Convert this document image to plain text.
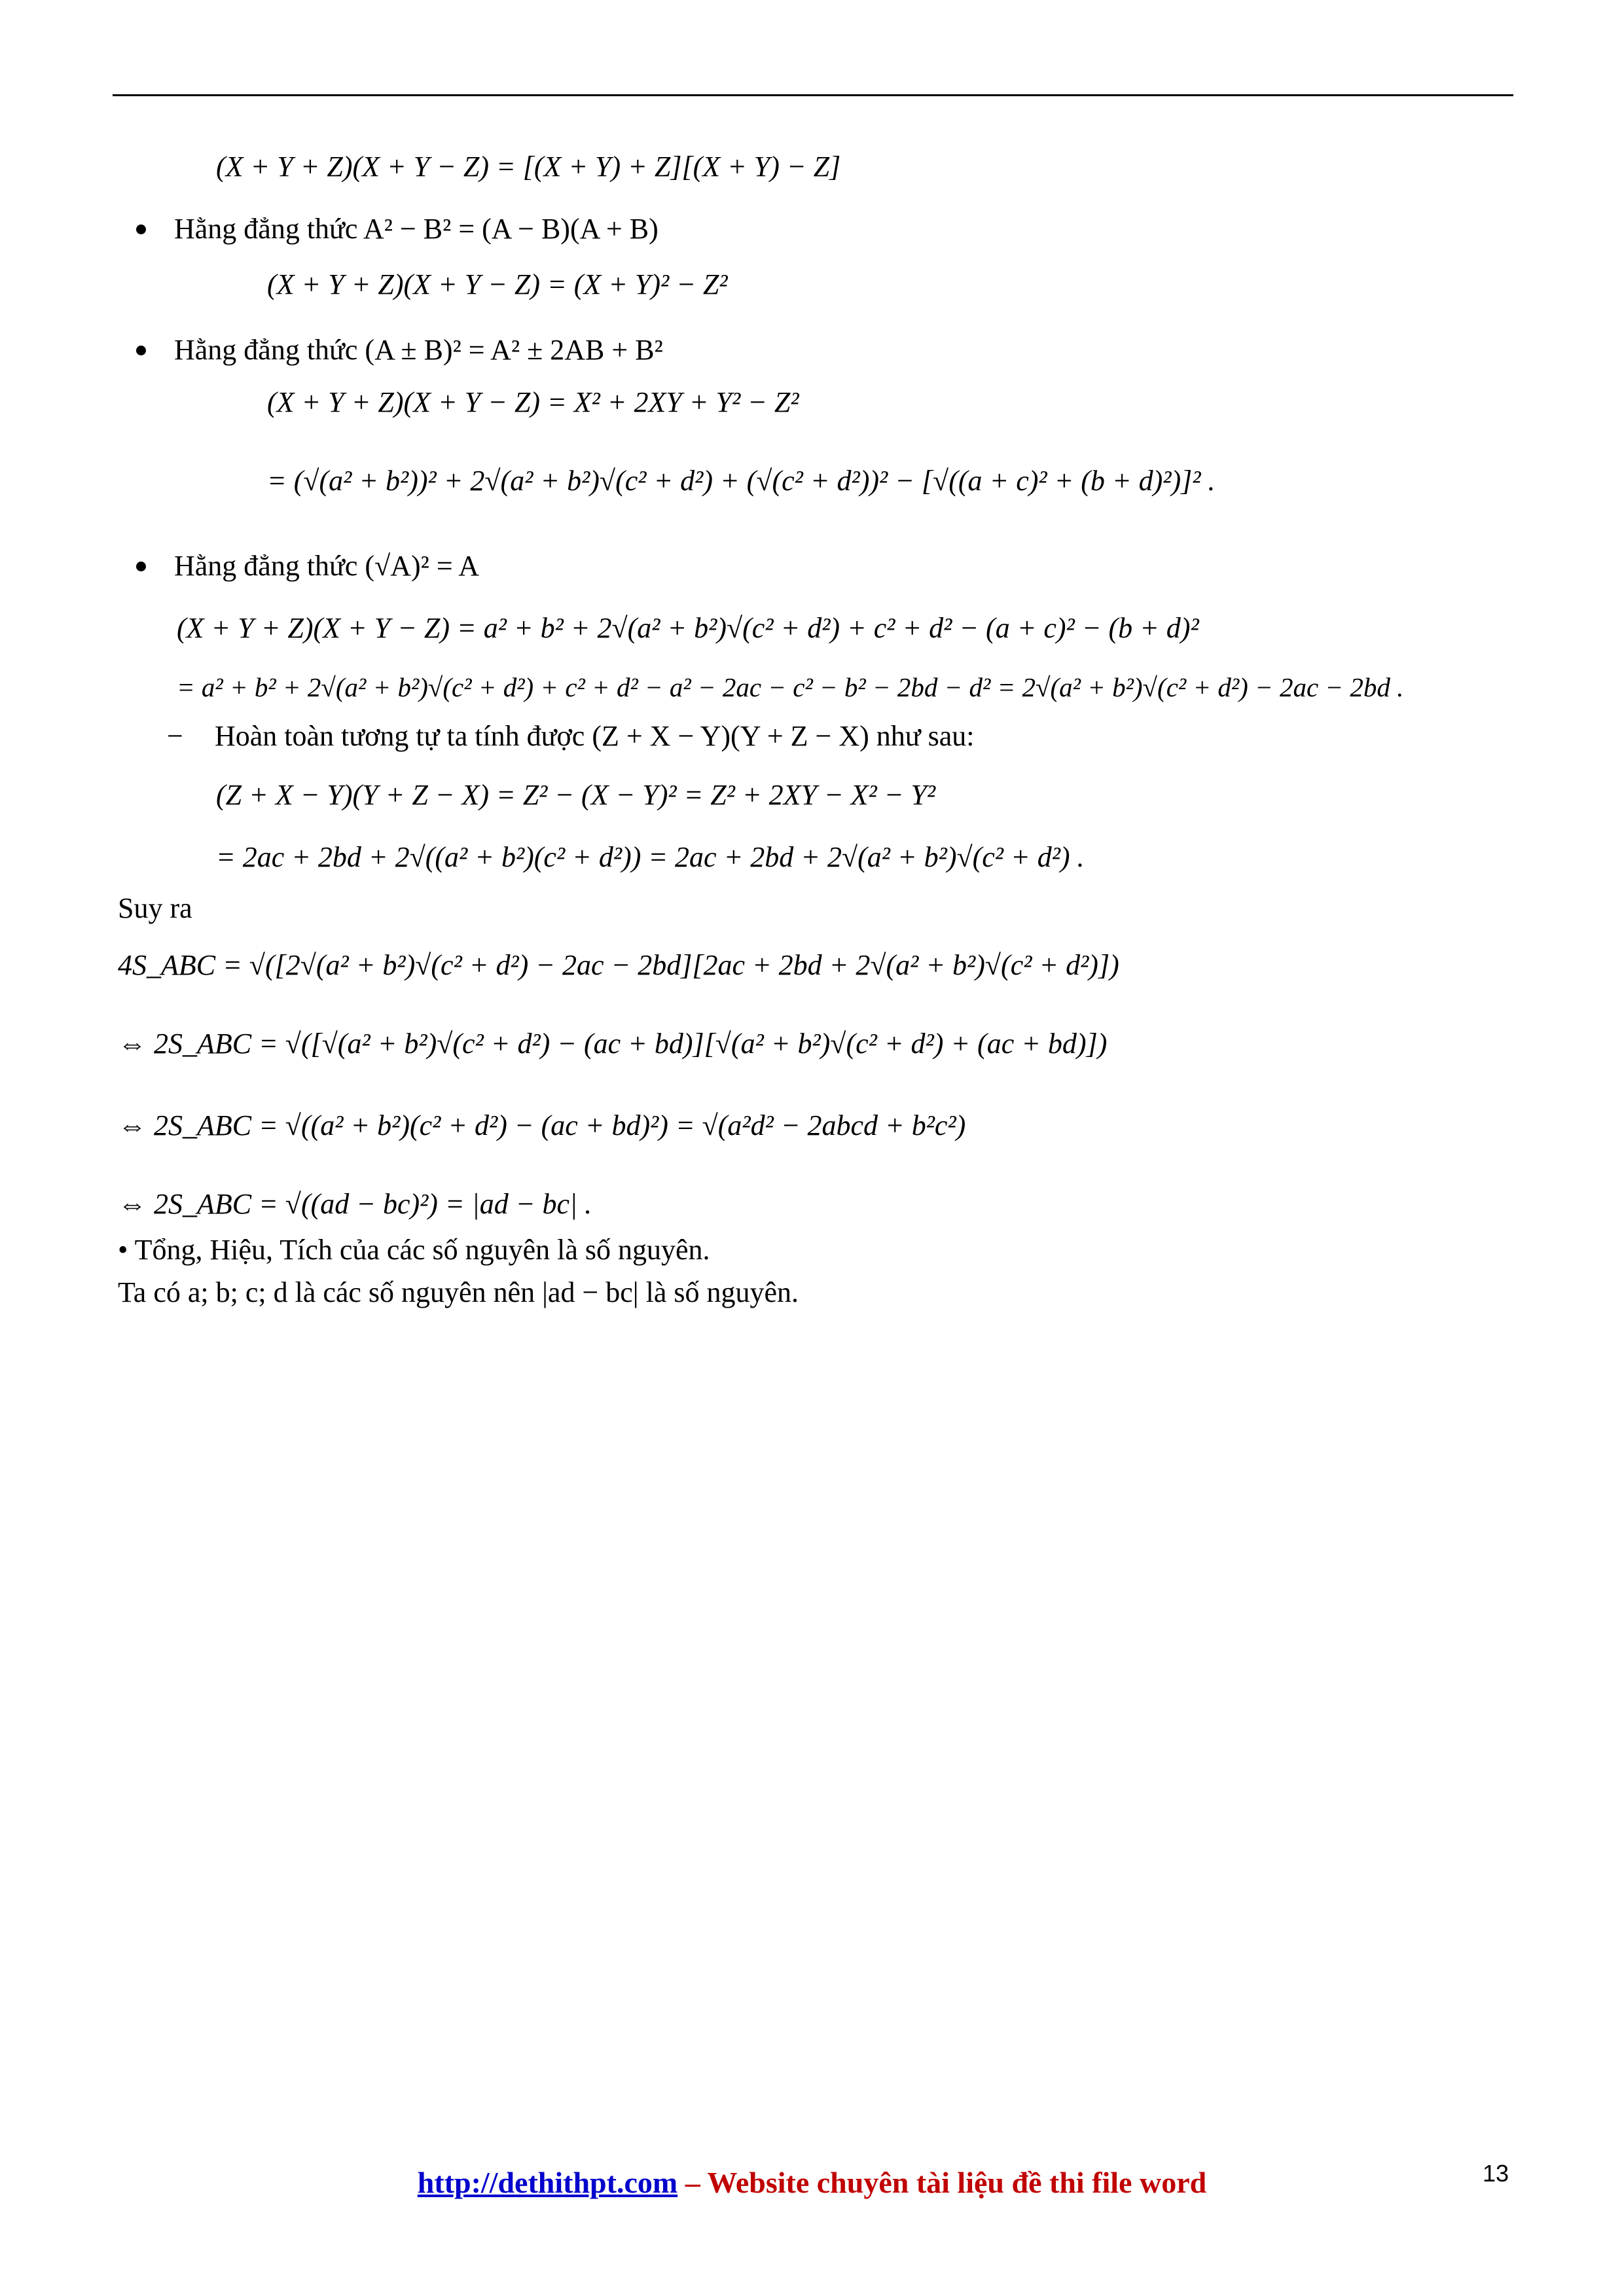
(X + Y + Z)(X + Y − Z) = [(X + Y) + Z][(X + Y) − Z]
Hằng đẳng thức A² − B² = (A − B)(A + B)
(X + Y + Z)(X + Y − Z) = (X + Y)² − Z²
Hằng đẳng thức (A ± B)² = A² ± 2AB + B²
(X + Y + Z)(X + Y − Z) = X² + 2XY + Y² − Z²
= (√(a² + b²))² + 2√(a² + b²)√(c² + d²) + (√(c² + d²))² − [√((a + c)² + (b + d)²)]² .
Hằng đẳng thức (√A)² = A
(X + Y + Z)(X + Y − Z) = a² + b² + 2√(a² + b²)√(c² + d²) + c² + d² − (a + c)² − (b + d)²
= a² + b² + 2√(a² + b²)√(c² + d²) + c² + d² − a² − 2ac − c² − b² − 2bd − d² = 2√(a² + b²)√(c² + d²) − 2ac − 2bd .
− Hoàn toàn tương tự ta tính được (Z + X − Y)(Y + Z − X) như sau:
(Z + X − Y)(Y + Z − X) = Z² − (X − Y)² = Z² + 2XY − X² − Y²
= 2ac + 2bd + 2√((a² + b²)(c² + d²)) = 2ac + 2bd + 2√(a² + b²)√(c² + d²) .
Suy ra
4S_ABC = √([2√(a² + b²)√(c² + d²) − 2ac − 2bd][2ac + 2bd + 2√(a² + b²)√(c² + d²)])
⇔ 2S_ABC = √([√(a² + b²)√(c² + d²) − (ac + bd)][√(a² + b²)√(c² + d²) + (ac + bd)])
⇔ 2S_ABC = √((a² + b²)(c² + d²) − (ac + bd)²) = √(a²d² − 2abcd + b²c²)
⇔ 2S_ABC = √((ad − bc)²) = |ad − bc| .
• Tổng, Hiệu, Tích của các số nguyên là số nguyên.
Ta có a; b; c; d là các số nguyên nên |ad − bc| là số nguyên.
http://dethithpt.com – Website chuyên tài liệu đề thi file word	13
